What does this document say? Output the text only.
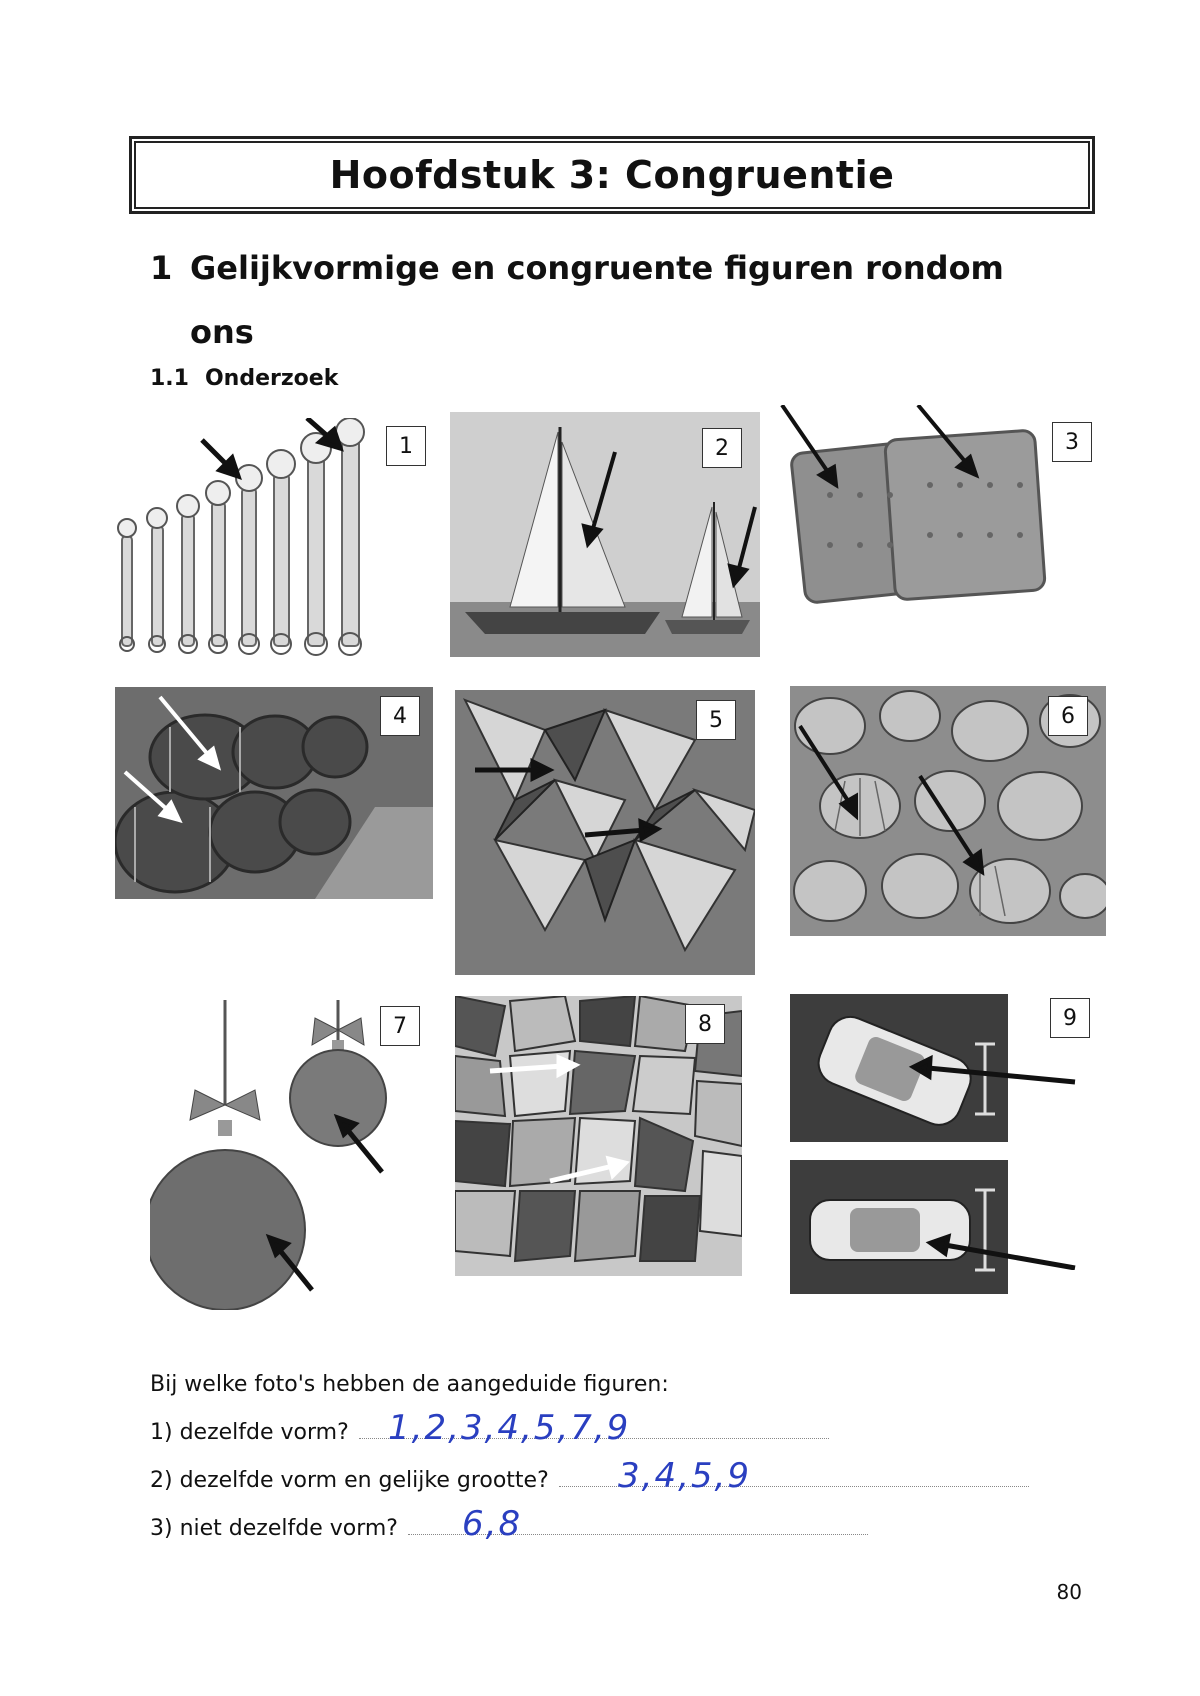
Hoofdstuk 3: Congruentie
1 Gelijkvormige en congruente figuren rondom
ons
1.1 Onderzoek
1	2	3
4	5	6
7	8	9
Bij welke foto's hebben de aangeduide figuren:
1) dezelfde vorm? 1,2,3,4,5,7,9
2) dezelfde vorm en gelijke grootte? 3,4,5,9
3) niet dezelfde vorm? 6,8
80
